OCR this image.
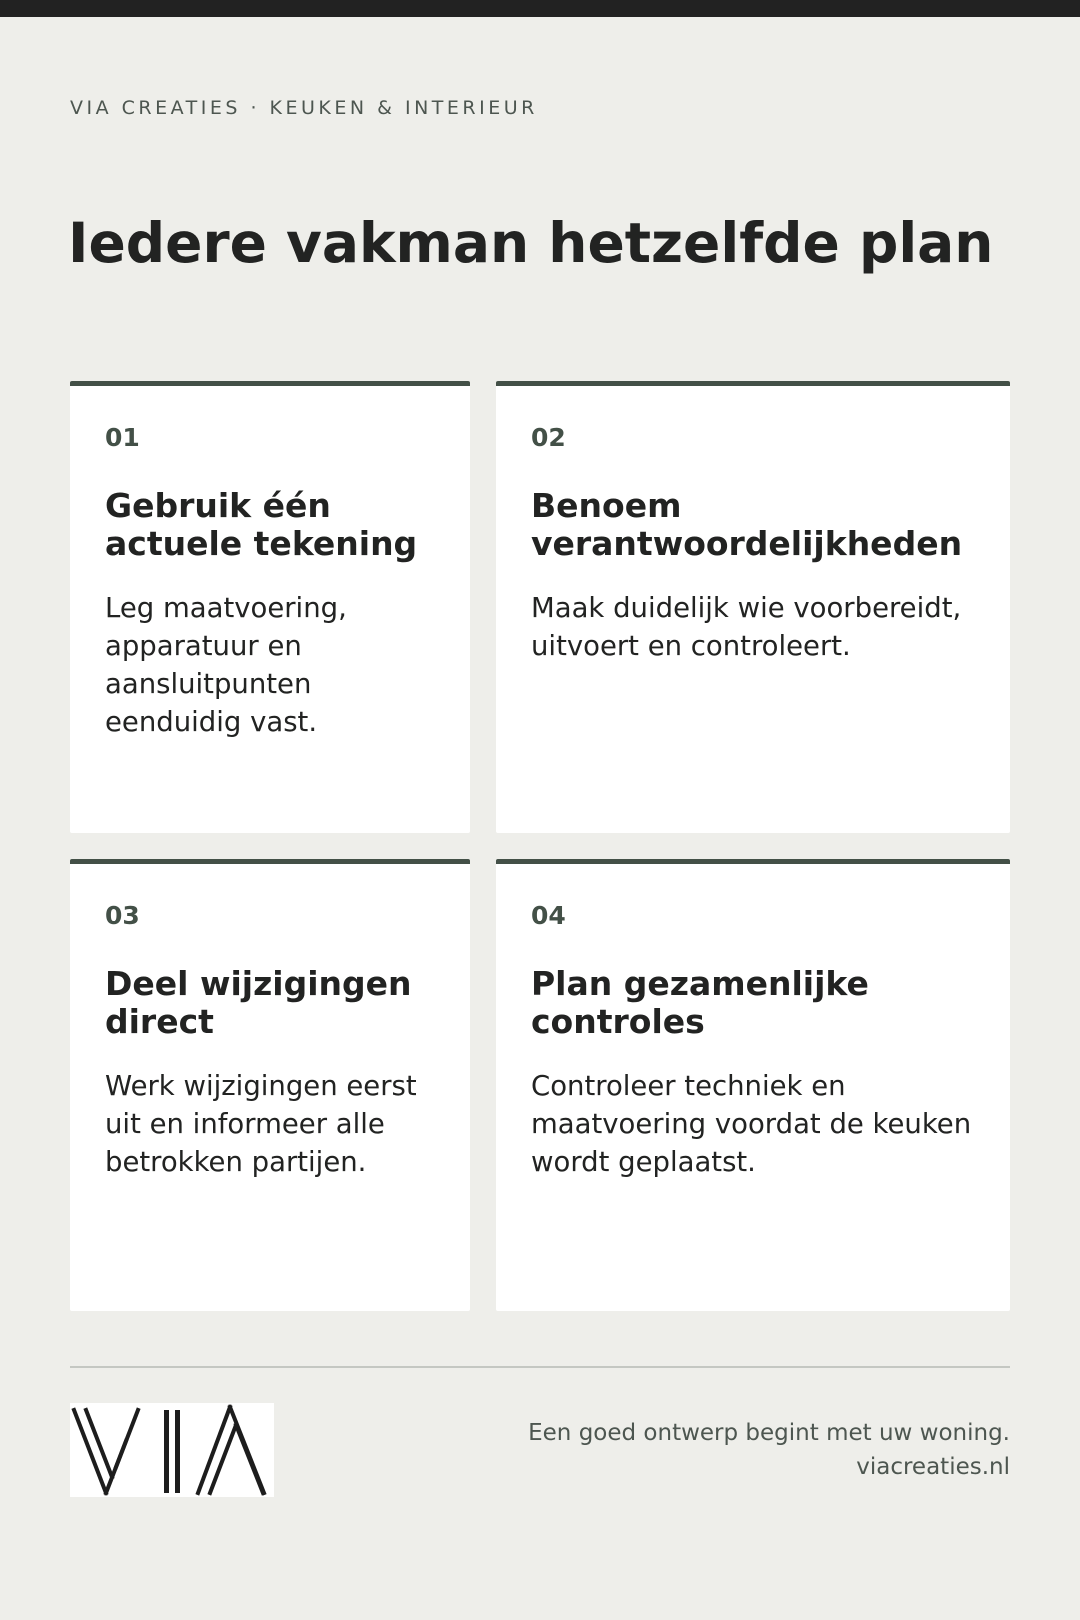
VIA CREATIES · KEUKEN & INTERIEUR
Iedere vakman hetzelfde plan
01
Gebruik één actuele tekening

Leg maatvoering, apparatuur en aansluitpunten eenduidig vast.

02
Benoem verantwoordelijkheden

Maak duidelijk wie voorbereidt, uitvoert en controleert.

03
Deel wijzigingen direct

Werk wijzigingen eerst uit en informeer alle betrokken partijen.

04
Plan gezamenlijke controles

Controleer techniek en maatvoering voordat de keuken wordt geplaatst.

Een goed ontwerp begint met uw woning.
viacreaties.nl
